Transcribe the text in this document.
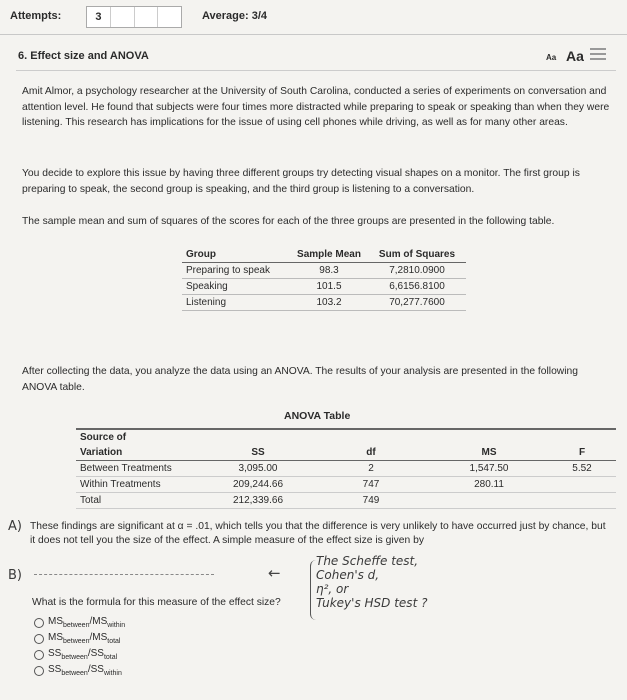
Attempts:	3	Average: 3/4
6. Effect size and ANOVA	Aa Aa
Amit Almor, a psychology researcher at the University of South Carolina, conducted a series of experiments on conversation and attention level. He found that subjects were four times more distracted while preparing to speak or speaking than when they were listening. This research has implications for the issue of using cell phones while driving, as well as for many other areas.
You decide to explore this issue by having three different groups try detecting visual shapes on a monitor. The first group is preparing to speak, the second group is speaking, and the third group is listening to a conversation.
The sample mean and sum of squares of the scores for each of the three groups are presented in the following table.
Group	Sample Mean	Sum of Squares
Preparing to speak	98.3	7,2810.0900
Speaking	101.5	6,6156.8100
Listening	103.2	70,277.7600
After collecting the data, you analyze the data using an ANOVA. The results of your analysis are presented in the following ANOVA table.
ANOVA Table
Source of				
Variation	SS	df	MS	F
Between Treatments	3,095.00	2	1,547.50	5.52
Within Treatments	209,244.66	747	280.11	
Total	212,339.66	749		
A) These findings are significant at α = .01, which tells you that the difference is very unlikely to have occurred just by chance, but it does not tell you the size of the effect. A simple measure of the effect size is given by
←
The Scheffe test,
Cohen's d,
η², or
Tukey's HSD test ?
B)
What is the formula for this measure of the effect size?
$MS_{between}/MS_{within}$
$MS_{between}/MS_{total}$
$SS_{between}/SS_{total}$
$SS_{between}/SS_{within}$
